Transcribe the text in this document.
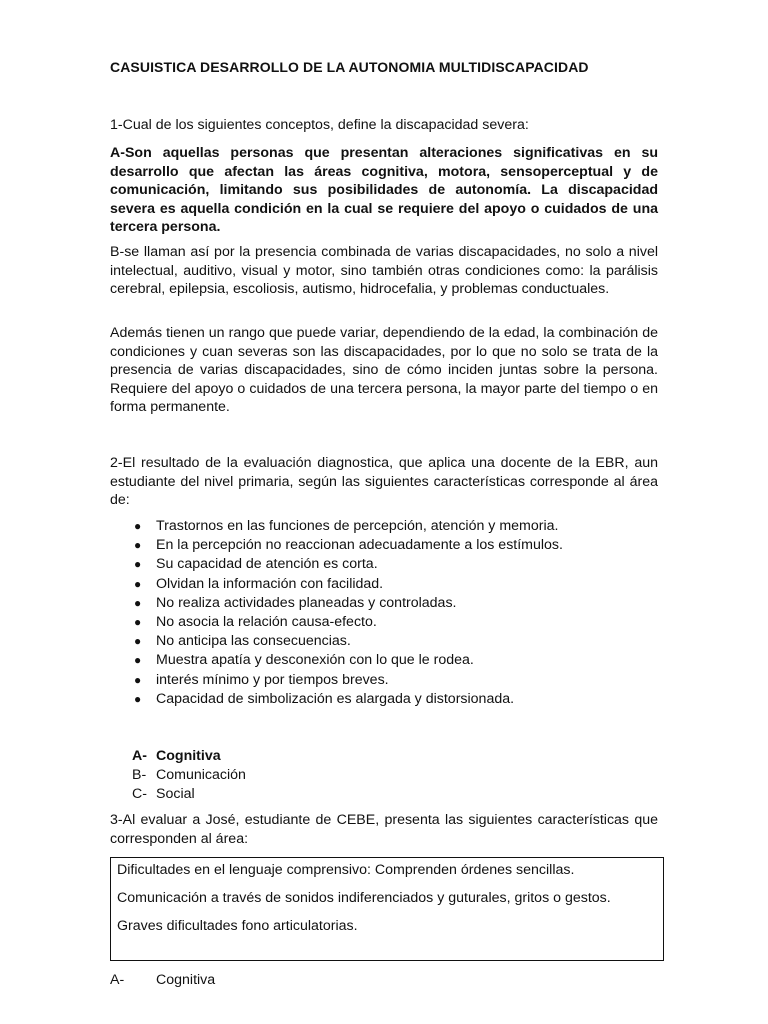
CASUISTICA DESARROLLO DE LA AUTONOMIA MULTIDISCAPACIDAD

1-Cual de los siguientes conceptos, define la discapacidad severa:

A-Son aquellas personas que presentan alteraciones significativas en su desarrollo que afectan las áreas cognitiva, motora, sensoperceptual y de comunicación, limitando sus posibilidades de autonomía. La discapacidad severa es aquella condición en la cual se requiere del apoyo o cuidados de una tercera persona.

B-se llaman así por la presencia combinada de varias discapacidades, no solo a nivel intelectual, auditivo, visual y motor, sino también otras condiciones como: la parálisis cerebral, epilepsia, escoliosis, autismo, hidrocefalia, y problemas conductuales.

Además tienen un rango que puede variar, dependiendo de la edad, la combinación de condiciones y cuan severas son las discapacidades, por lo que no solo se trata de la presencia de varias discapacidades, sino de cómo inciden juntas sobre la persona. Requiere del apoyo o cuidados de una tercera persona, la mayor parte del tiempo o en forma permanente.

2-El resultado de la evaluación diagnostica, que aplica una docente de la EBR, aun estudiante del nivel primaria, según las siguientes características corresponde al área de:

● Trastornos en las funciones de percepción, atención y memoria.
● En la percepción no reaccionan adecuadamente a los estímulos.
● Su capacidad de atención es corta.
● Olvidan la información con facilidad.
● No realiza actividades planeadas y controladas.
● No asocia la relación causa-efecto.
● No anticipa las consecuencias.
● Muestra apatía y desconexión con lo que le rodea.
● interés mínimo y por tiempos breves.
● Capacidad de simbolización es alargada y distorsionada.
A- Cognitiva
B- Comunicación
C- Social

3-Al evaluar a José, estudiante de CEBE, presenta las siguientes características que corresponden al área:

Dificultades en el lenguaje comprensivo: Comprenden órdenes sencillas.

Comunicación a través de sonidos indiferenciados y guturales, gritos o gestos.

Graves dificultades fono articulatorias.

A- Cognitiva
